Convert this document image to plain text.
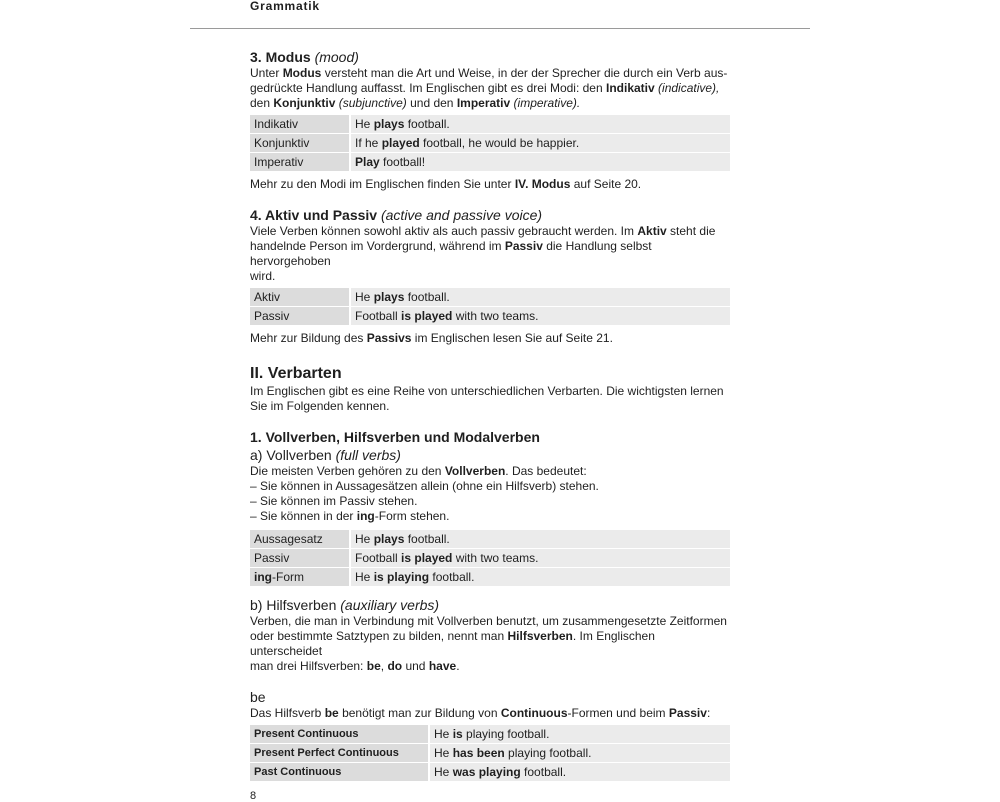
Grammatik
3. Modus (mood)

Unter Modus versteht man die Art und Weise, in der der Sprecher die durch ein Verb aus-

gedrückte Handlung auffasst. Im Englischen gibt es drei Modi: den Indikativ (indicative),

den Konjunktiv (subjunctive) und den Imperativ (imperative).

Indikativ	He plays football.
Konjunktiv	If he played football, he would be happier.
Imperativ	Play football!

Mehr zu den Modi im Englischen finden Sie unter IV. Modus auf Seite 20.

4. Aktiv und Passiv (active and passive voice)

Viele Verben können sowohl aktiv als auch passiv gebraucht werden. Im Aktiv steht die

handelnde Person im Vordergrund, während im Passiv die Handlung selbst hervorgehoben

wird.

Aktiv	He plays football.
Passiv	Football is played with two teams.

Mehr zur Bildung des Passivs im Englischen lesen Sie auf Seite 21.

II. Verbarten

Im Englischen gibt es eine Reihe von unterschiedlichen Verbarten. Die wichtigsten lernen

Sie im Folgenden kennen.

1. Vollverben, Hilfsverben und Modalverben
a) Vollverben (full verbs)

Die meisten Verben gehören zu den Vollverben. Das bedeutet:

– Sie können in Aussagesätzen allein (ohne ein Hilfsverb) stehen.

– Sie können im Passiv stehen.

– Sie können in der ing-Form stehen.

Aussagesatz	He plays football.
Passiv	Football is played with two teams.
ing-Form	He is playing football.
b) Hilfsverben (auxiliary verbs)

Verben, die man in Verbindung mit Vollverben benutzt, um zusammengesetzte Zeitformen

oder bestimmte Satztypen zu bilden, nennt man Hilfsverben. Im Englischen unterscheidet

man drei Hilfsverben: be, do und have.

be

Das Hilfsverb be benötigt man zur Bildung von Continuous-Formen und beim Passiv:

Present Continuous	He is playing football.
Present Perfect Continuous	He has been playing football.
Past Continuous	He was playing football.
8
